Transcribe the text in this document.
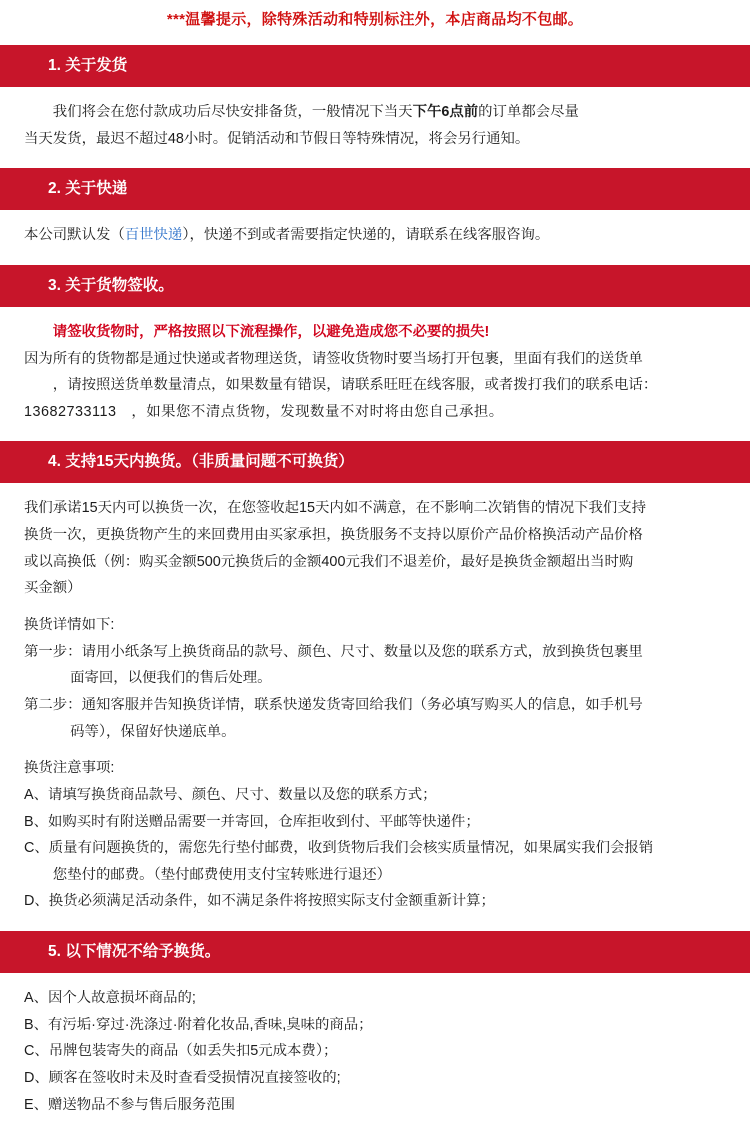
***温馨提示，除特殊活动和特别标注外，本店商品均不包邮。
1. 关于发货

我们将会在您付款成功后尽快安排备货，一般情况下当天下午6点前的订单都会尽量

当天发货，最迟不超过48小时。促销活动和节假日等特殊情况，将会另行通知。

2. 关于快递

本公司默认发（百世快递），快递不到或者需要指定快递的，请联系在线客服咨询。

3. 关于货物签收。

请签收货物时，严格按照以下流程操作，以避免造成您不必要的损失!

因为所有的货物都是通过快递或者物理送货，请签收货物时要当场打开包裹，里面有我们的送货单

，请按照送货单数量清点，如果数量有错误，请联系旺旺在线客服，或者拨打我们的联系电话：

13682733113　，如果您不清点货物，发现数量不对时将由您自己承担。

4. 支持15天内换货。（非质量问题不可换货）

我们承诺15天内可以换货一次，在您签收起15天内如不满意，在不影响二次销售的情况下我们支持

换货一次，更换货物产生的来回费用由买家承担，换货服务不支持以原价产品价格换活动产品价格

或以高换低（例：购买金额500元换货后的金额400元我们不退差价，最好是换货金额超出当时购

买金额）

换货详情如下:

第一步：请用小纸条写上换货商品的款号、颜色、尺寸、数量以及您的联系方式，放到换货包裹里

面寄回，以便我们的售后处理。

第二步：通知客服并告知换货详情，联系快递发货寄回给我们（务必填写购买人的信息，如手机号

码等），保留好快递底单。

换货注意事项:

A、请填写换货商品款号、颜色、尺寸、数量以及您的联系方式；

B、如购买时有附送赠品需要一并寄回，仓库拒收到付、平邮等快递件；

C、质量有问题换货的，需您先行垫付邮费，收到货物后我们会核实质量情况，如果属实我们会报销

您垫付的邮费。（垫付邮费使用支付宝转账进行退还）

D、换货必须满足活动条件，如不满足条件将按照实际支付金额重新计算；

5. 以下情况不给予换货。

A、因个人故意损坏商品的;

B、有污垢·穿过·洗涤过·附着化妆品,香味,臭味的商品；

C、吊牌包装寄失的商品（如丢失扣5元成本费）；

D、顾客在签收时未及时查看受损情况直接签收的;

E、赠送物品不参与售后服务范围
